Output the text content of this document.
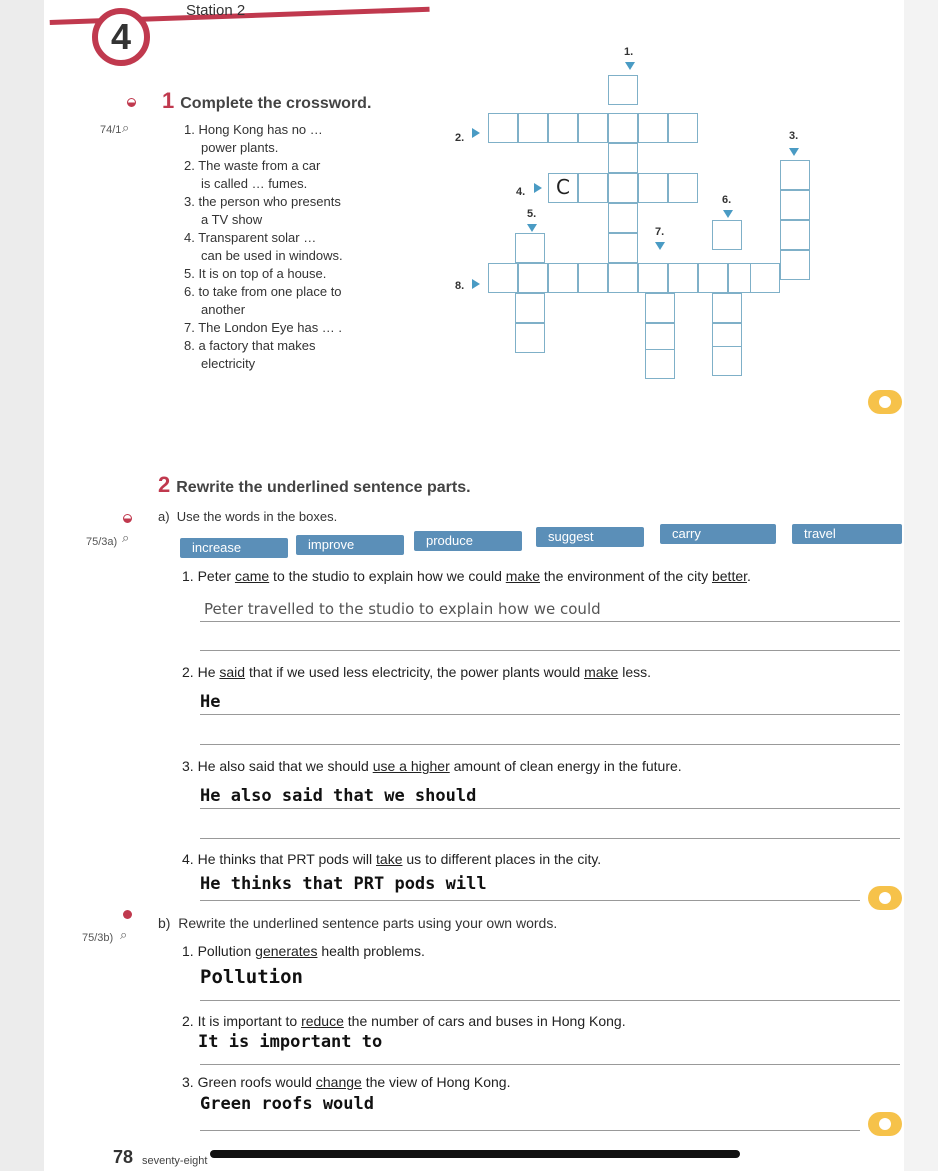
4
Station 2
74/1 ⌕
1 Complete the crossword.
1. Hong Kong has no …
power plants.
2. The waste from a car
is called … fumes.
3. the person who presents
a TV show
4. Transparent solar …
can be used in windows.
5. It is on top of a house.
6. to take from one place to
another
7. The London Eye has … .
8. a factory that makes
electricity
1.
2.	3.
4.
5.
6.
7.
8.
C
2 Rewrite the underlined sentence parts.
75/3a) ⌕
a) Use the words in the boxes.
increase	improve	produce	suggest	carry	travel
1. Peter came to the studio to explain how we could make the environment of the city better.
Peter travelled to the studio to explain how we could
2. He said that if we used less electricity, the power plants would make less.
He
3. He also said that we should use a higher amount of clean energy in the future.
He also said that we should
4. He thinks that PRT pods will take us to different places in the city.
He thinks that PRT pods will
75/3b) ⌕
b) Rewrite the underlined sentence parts using your own words.
1. Pollution generates health problems.
Pollution
2. It is important to reduce the number of cars and buses in Hong Kong.
It is important to
3. Green roofs would change the view of Hong Kong.
Green roofs would
78 seventy-eight
